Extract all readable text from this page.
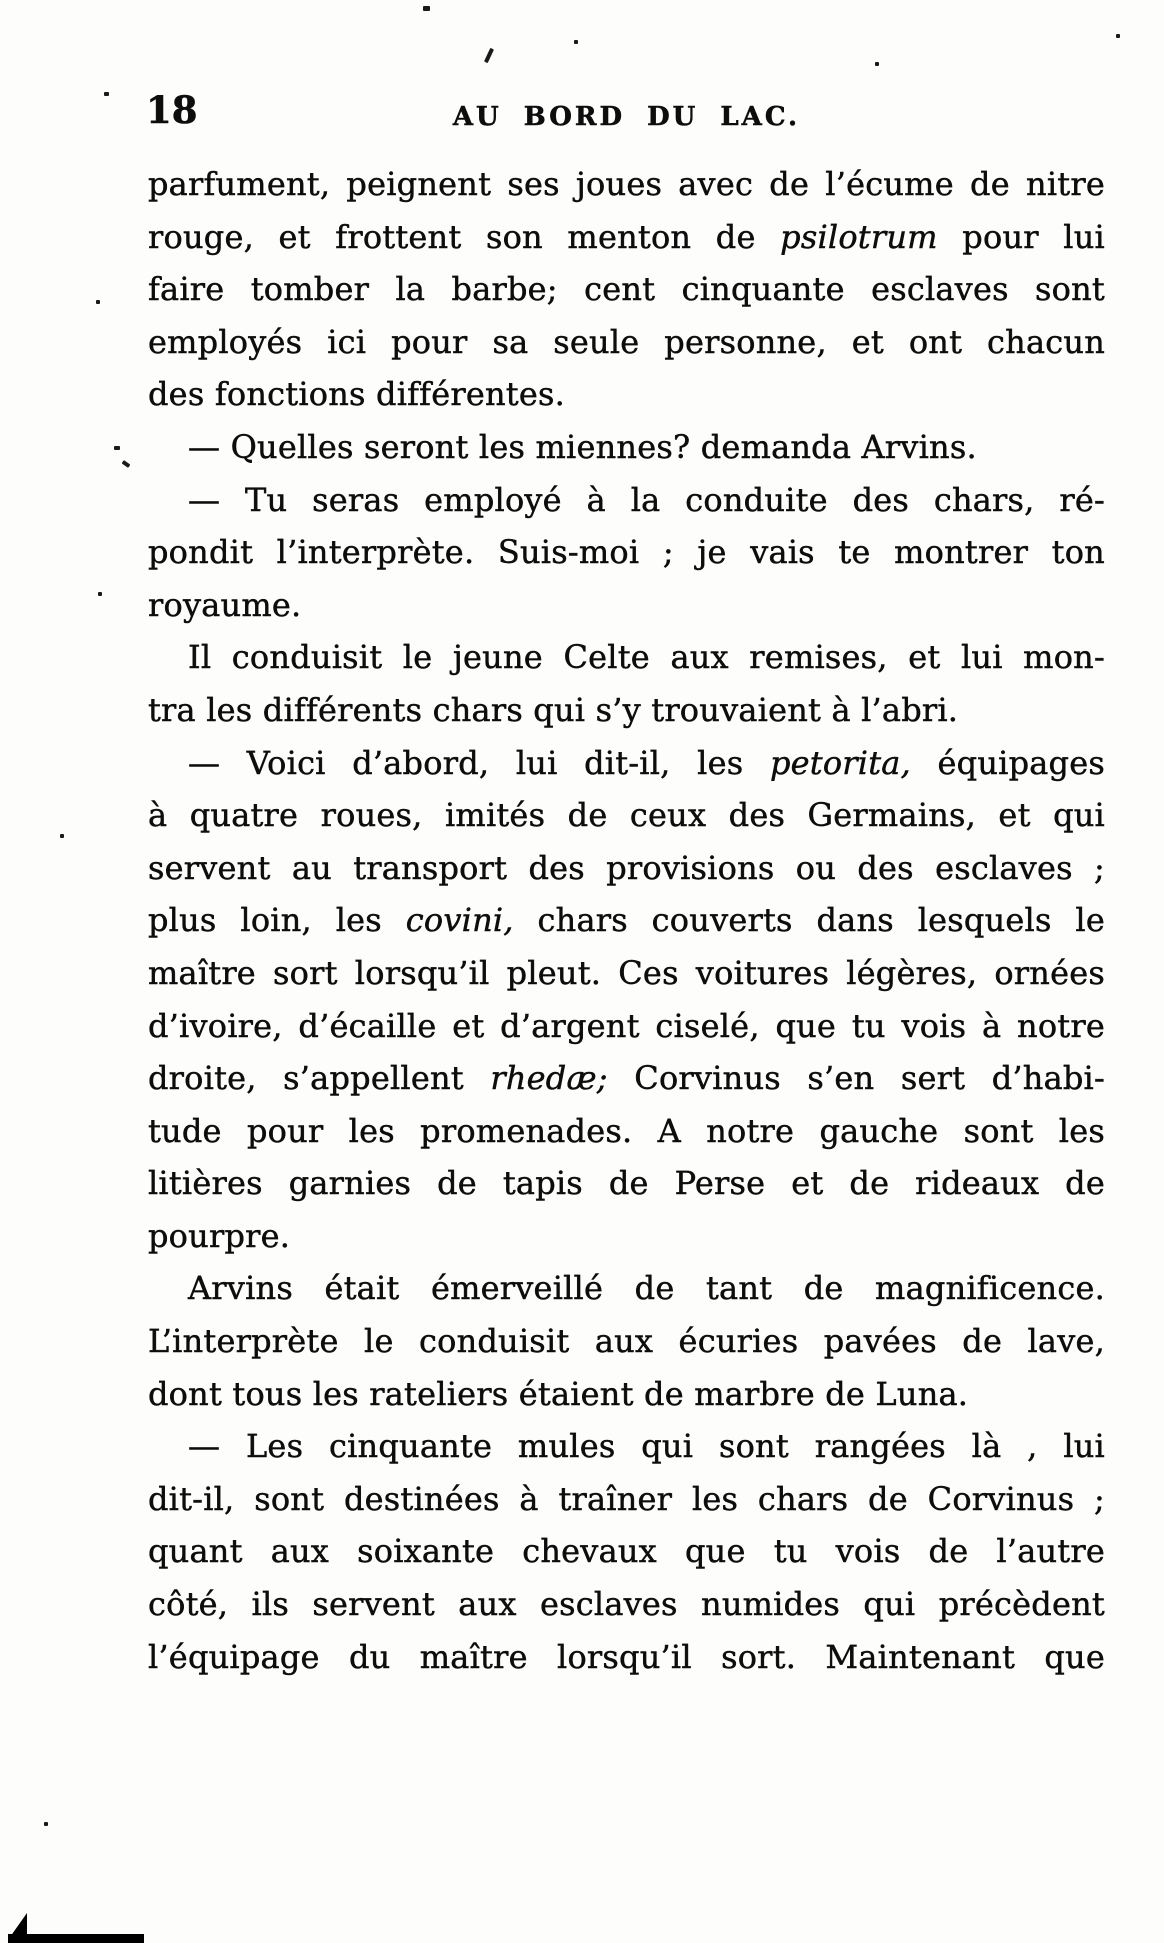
18	AU BORD DU LAC.
parfument, peignent ses joues avec de l’écume de nitre
rouge, et frottent son menton de psilotrum pour lui
faire tomber la barbe; cent cinquante esclaves sont
employés ici pour sa seule personne, et ont chacun
des fonctions différentes.
— Quelles seront les miennes? demanda Arvins.
— Tu seras employé à la conduite des chars, ré-
pondit l’interprète. Suis-moi ; je vais te montrer ton
royaume.
Il conduisit le jeune Celte aux remises, et lui mon-
tra les différents chars qui s’y trouvaient à l’abri.
— Voici d’abord, lui dit-il, les petorita, équipages
à quatre roues, imités de ceux des Germains, et qui
servent au transport des provisions ou des esclaves ;
plus loin, les covini, chars couverts dans lesquels le
maître sort lorsqu’il pleut. Ces voitures légères, ornées
d’ivoire, d’écaille et d’argent ciselé, que tu vois à notre
droite, s’appellent rhedæ; Corvinus s’en sert d’habi-
tude pour les promenades. A notre gauche sont les
litières garnies de tapis de Perse et de rideaux de
pourpre.
Arvins était émerveillé de tant de magnificence.
L’interprète le conduisit aux écuries pavées de lave,
dont tous les rateliers étaient de marbre de Luna.
— Les cinquante mules qui sont rangées là , lui
dit-il, sont destinées à traîner les chars de Corvinus ;
quant aux soixante chevaux que tu vois de l’autre
côté, ils servent aux esclaves numides qui précèdent
l’équipage du maître lorsqu’il sort. Maintenant que
